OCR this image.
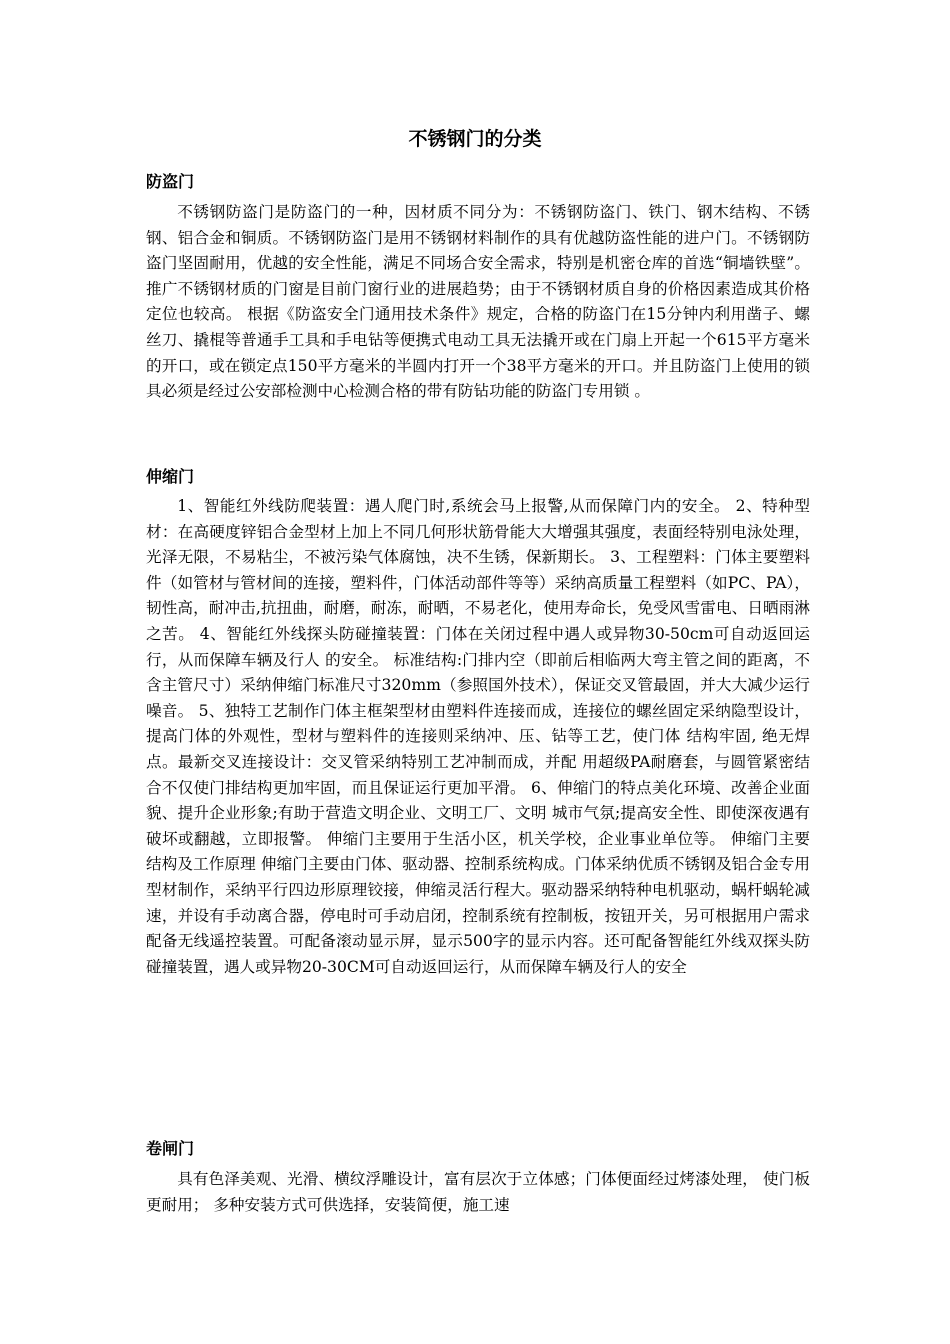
不锈钢门的分类
防盗门

不锈钢防盗门是防盗门的一种，因材质不同分为：不锈钢防盗门、铁门、钢木结构、不锈钢、铝合金和铜质。不锈钢防盗门是用不锈钢材料制作的具有优越防盗性能的进户门。不锈钢防盗门坚固耐用，优越的安全性能，满足不同场合安全需求，特别是机密仓库的首选“铜墙铁壁”。推广不锈钢材质的门窗是目前门窗行业的进展趋势；由于不锈钢材质自身的价格因素造成其价格定位也较高。 根据《防盗安全门通用技术条件》规定，合格的防盗门在15分钟内利用凿子、螺丝刀、撬棍等普通手工具和手电钻等便携式电动工具无法撬开或在门扇上开起一个615平方毫米的开口，或在锁定点150平方毫米的半圆内打开一个38平方毫米的开口。并且防盗门上使用的锁具必须是经过公安部检测中心检测合格的带有防钻功能的防盗门专用锁 。

伸缩门

1、智能红外线防爬装置：遇人爬门时,系统会马上报警,从而保障门内的安全。 2、特种型材：在高硬度锌铝合金型材上加上不同几何形状筋骨能大大增强其强度，表面经特别电泳处理，光泽无限，不易粘尘，不被污染气体腐蚀，决不生锈，保新期长。 3、工程塑料：门体主要塑料件（如管材与管材间的连接，塑料件，门体活动部件等等）采纳高质量工程塑料（如PC、PA），韧性高，耐冲击,抗扭曲，耐磨，耐冻，耐晒，不易老化，使用寿命长，免受风雪雷电、日晒雨淋之苦。 4、智能红外线探头防碰撞装置：门体在关闭过程中遇人或异物30-50cm可自动返回运行，从而保障车辆及行人 的安全。 标准结构:门排内空（即前后相临两大弯主管之间的距离，不含主管尺寸）采纳伸缩门标准尺寸320mm（参照国外技术），保证交叉管最固，并大大减少运行噪音。 5、独特工艺制作门体主框架型材由塑料件连接而成，连接位的螺丝固定采纳隐型设计，提高门体的外观性，型材与塑料件的连接则采纳冲、压、钻等工艺，使门体 结构牢固, 绝无焊点。最新交叉连接设计：交叉管采纳特别工艺冲制而成，并配 用超级PA耐磨套，与圆管紧密结合不仅使门排结构更加牢固，而且保证运行更加平滑。 6、伸缩门的特点美化环境、改善企业面貌、提升企业形象;有助于营造文明企业、文明工厂、文明 城市气氛;提高安全性、即使深夜遇有破坏或翻越，立即报警。 伸缩门主要用于生活小区，机关学校，企业事业单位等。 伸缩门主要结构及工作原理 伸缩门主要由门体、驱动器、控制系统构成。门体采纳优质不锈钢及铝合金专用型材制作，采纳平行四边形原理铰接，伸缩灵活行程大。驱动器采纳特种电机驱动，蜗杆蜗轮减速，并设有手动离合器，停电时可手动启闭，控制系统有控制板，按钮开关，另可根据用户需求配备无线遥控装置。可配备滚动显示屏，显示500字的显示内容。还可配备智能红外线双探头防碰撞装置，遇人或异物20-30CM可自动返回运行，从而保障车辆及行人的安全

卷闸门

具有色泽美观、光滑、横纹浮雕设计，富有层次于立体感；门体便面经过烤漆处理， 使门板更耐用； 多种安装方式可供选择，安装简便，施工速
